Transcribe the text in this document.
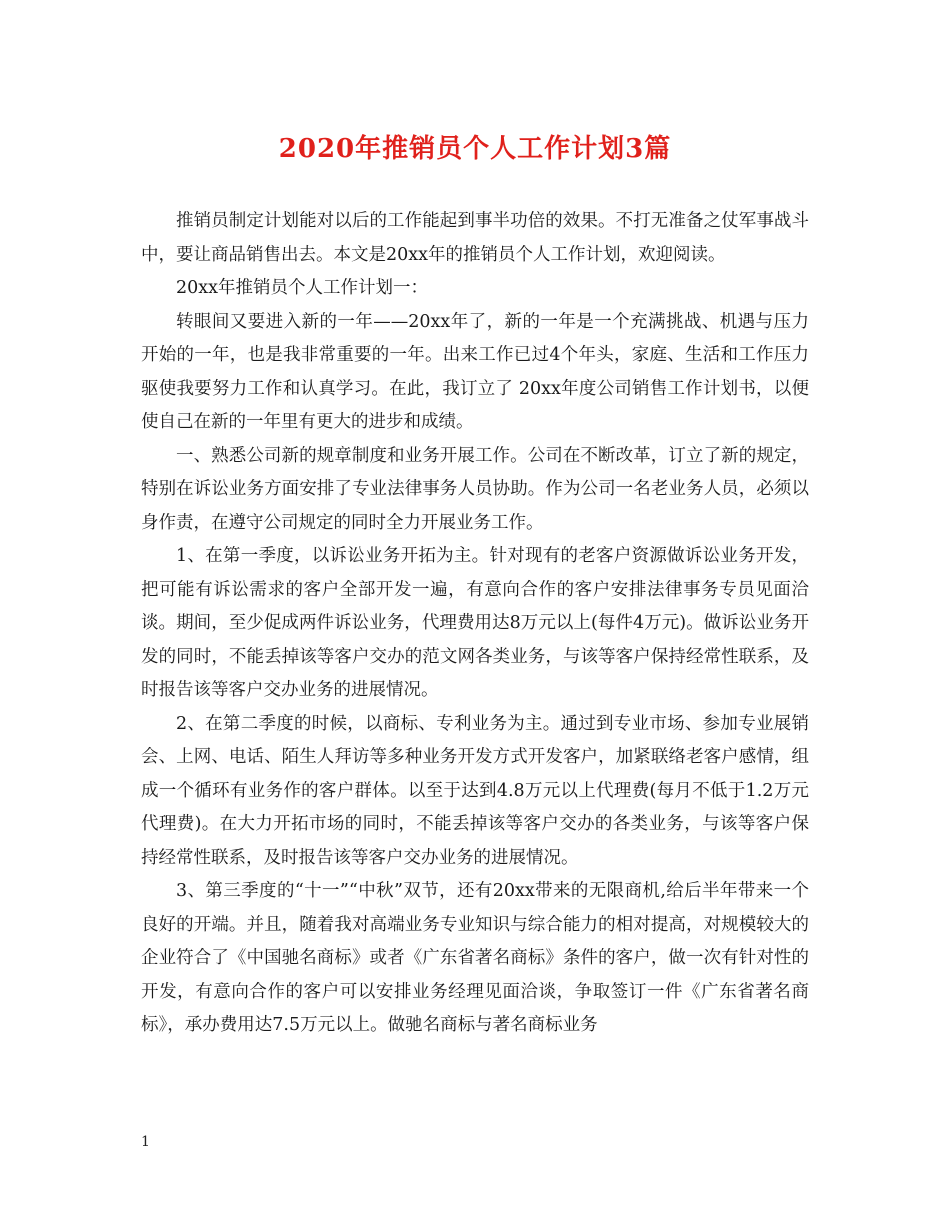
2020年推销员个人工作计划3篇

推销员制定计划能对以后的工作能起到事半功倍的效果。不打无准备之仗军事战斗中，要让商品销售出去。本文是20xx年的推销员个人工作计划，欢迎阅读。

20xx年推销员个人工作计划一：

转眼间又要进入新的一年——20xx年了，新的一年是一个充满挑战、机遇与压力开始的一年，也是我非常重要的一年。出来工作已过4个年头，家庭、生活和工作压力驱使我要努力工作和认真学习。在此，我订立了 20xx年度公司销售工作计划书，以便使自己在新的一年里有更大的进步和成绩。

一、熟悉公司新的规章制度和业务开展工作。公司在不断改革，订立了新的规定，特别在诉讼业务方面安排了专业法律事务人员协助。作为公司一名老业务人员，必须以身作责，在遵守公司规定的同时全力开展业务工作。

1、在第一季度，以诉讼业务开拓为主。针对现有的老客户资源做诉讼业务开发，把可能有诉讼需求的客户全部开发一遍，有意向合作的客户安排法律事务专员见面洽谈。期间，至少促成两件诉讼业务，代理费用达8万元以上(每件4万元)。做诉讼业务开发的同时，不能丢掉该等客户交办的范文网各类业务，与该等客户保持经常性联系，及时报告该等客户交办业务的进展情况。

2、在第二季度的时候，以商标、专利业务为主。通过到专业市场、参加专业展销会、上网、电话、陌生人拜访等多种业务开发方式开发客户，加紧联络老客户感情，组成一个循环有业务作的客户群体。以至于达到4.8万元以上代理费(每月不低于1.2万元代理费)。在大力开拓市场的同时，不能丢掉该等客户交办的各类业务，与该等客户保持经常性联系，及时报告该等客户交办业务的进展情况。

3、第三季度的“十一”“中秋”双节，还有20xx带来的无限商机,给后半年带来一个良好的开端。并且，随着我对高端业务专业知识与综合能力的相对提高，对规模较大的企业符合了《中国驰名商标》或者《广东省著名商标》条件的客户，做一次有针对性的开发，有意向合作的客户可以安排业务经理见面洽谈，争取签订一件《广东省著名商标》，承办费用达7.5万元以上。做驰名商标与著名商标业务

1
